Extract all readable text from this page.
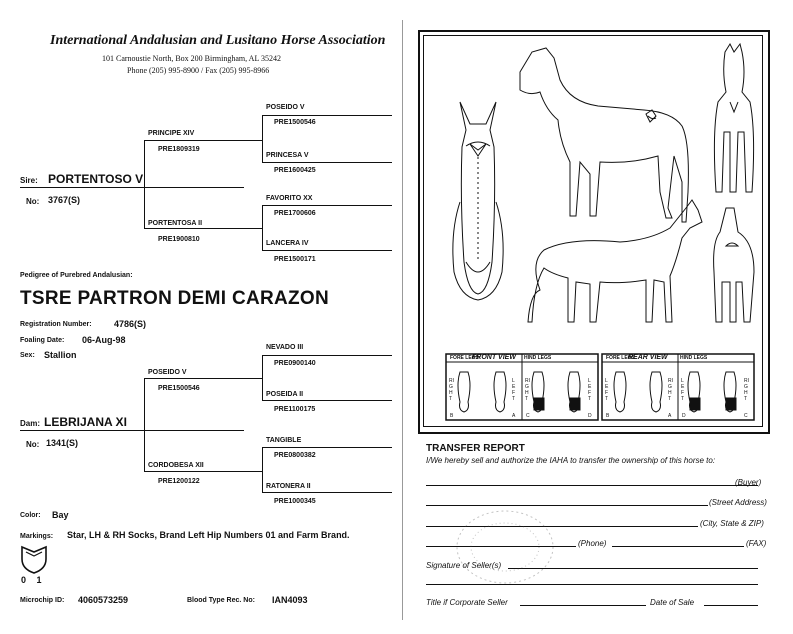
International Andalusian and Lusitano Horse Association
101 Carnoustie North, Box 200 Birmingham, AL 35242
Phone (205) 995-8900 / Fax (205) 995-8966
POSEIDO V
PRE1500546
PRINCIPE XIV
PRE1809319
PRINCESA V
PRE1600425
Sire: PORTENTOSO V
No: 3767(S)	FAVORITO XX
PRE1700606
PORTENTOSA II
PRE1900810
LANCERA IV
PRE1500171
Pedigree of Purebred Andalusian:
TSRE PARTRON DEMI CARAZON
Registration Number: 4786(S)
Foaling Date: 06-Aug-98
Sex: Stallion
NEVADO III
PRE0900140
POSEIDO V
PRE1500546
POSEIDA II
PRE1100175
Dam: LEBRIJANA XI
No: 1341(S)	TANGIBLE
PRE0800382
CORDOBESA XII
PRE1200122
RATONERA II
PRE1000345
Color: Bay
Markings: Star, LH & RH Socks, Brand Left Hip Numbers 01 and Farm Brand.
0 1
Microchip ID: 4060573259	Blood Type Rec. No: IAN4093
FORE LEGS
FRONT VIEW HIND LEGS	FORE LEGS
REAR VIEW HIND LEGS
RIGHT
LEFT
RIGHT
LEFT
LEFT
RIGHT
LEFT
RIGHT
B	A C	D	B	A D	C
TRANSFER REPORT
I/We hereby sell and authorize the IAHA to transfer the ownership of this horse to:
(Buyer)
(Street Address)
(City, State & ZIP)
(Phone)	(FAX)
Signature of Seller(s)
Title if Corporate Seller	Date of Sale
